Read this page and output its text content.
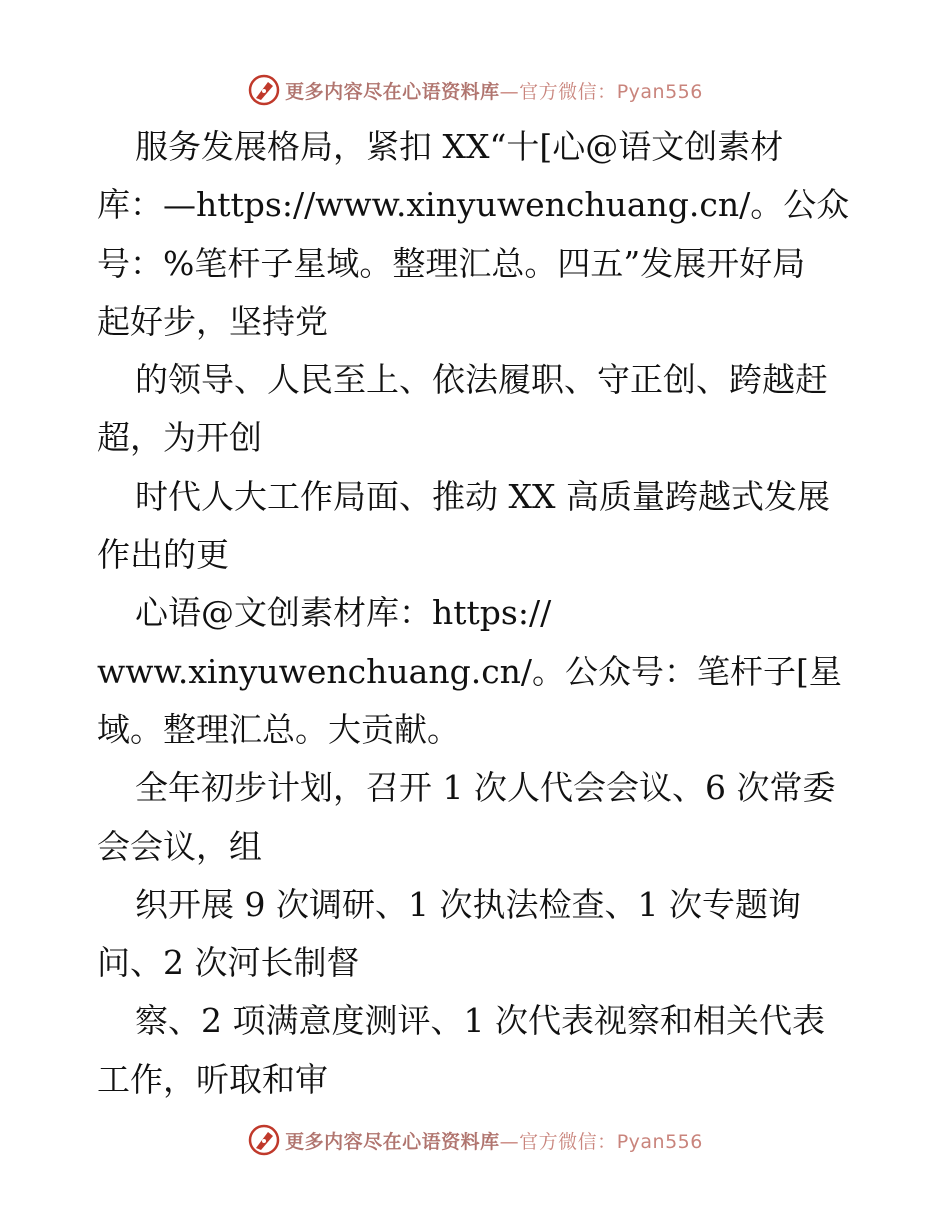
更多内容尽在心语资料库—官方微信：Pyan556
服务发展格局，紧扣 XX“十[心@语文创素材
库：—https://www.xinyuwenchuang.cn/。公众
号：%笔杆子星域。整理汇总。四五”发展开好局
起好步，坚持党
的领导、人民至上、依法履职、守正创、跨越赶
超，为开创
时代人大工作局面、推动 XX 高质量跨越式发展
作出的更
心语@文创素材库：https://
www.xinyuwenchuang.cn/。公众号：笔杆子[星
域。整理汇总。大贡献。
全年初步计划，召开 1 次人代会会议、6 次常委
会会议，组
织开展 9 次调研、1 次执法检查、1 次专题询
问、2 次河长制督
察、2 项满意度测评、1 次代表视察和相关代表
工作，听取和审
更多内容尽在心语资料库—官方微信：Pyan556
